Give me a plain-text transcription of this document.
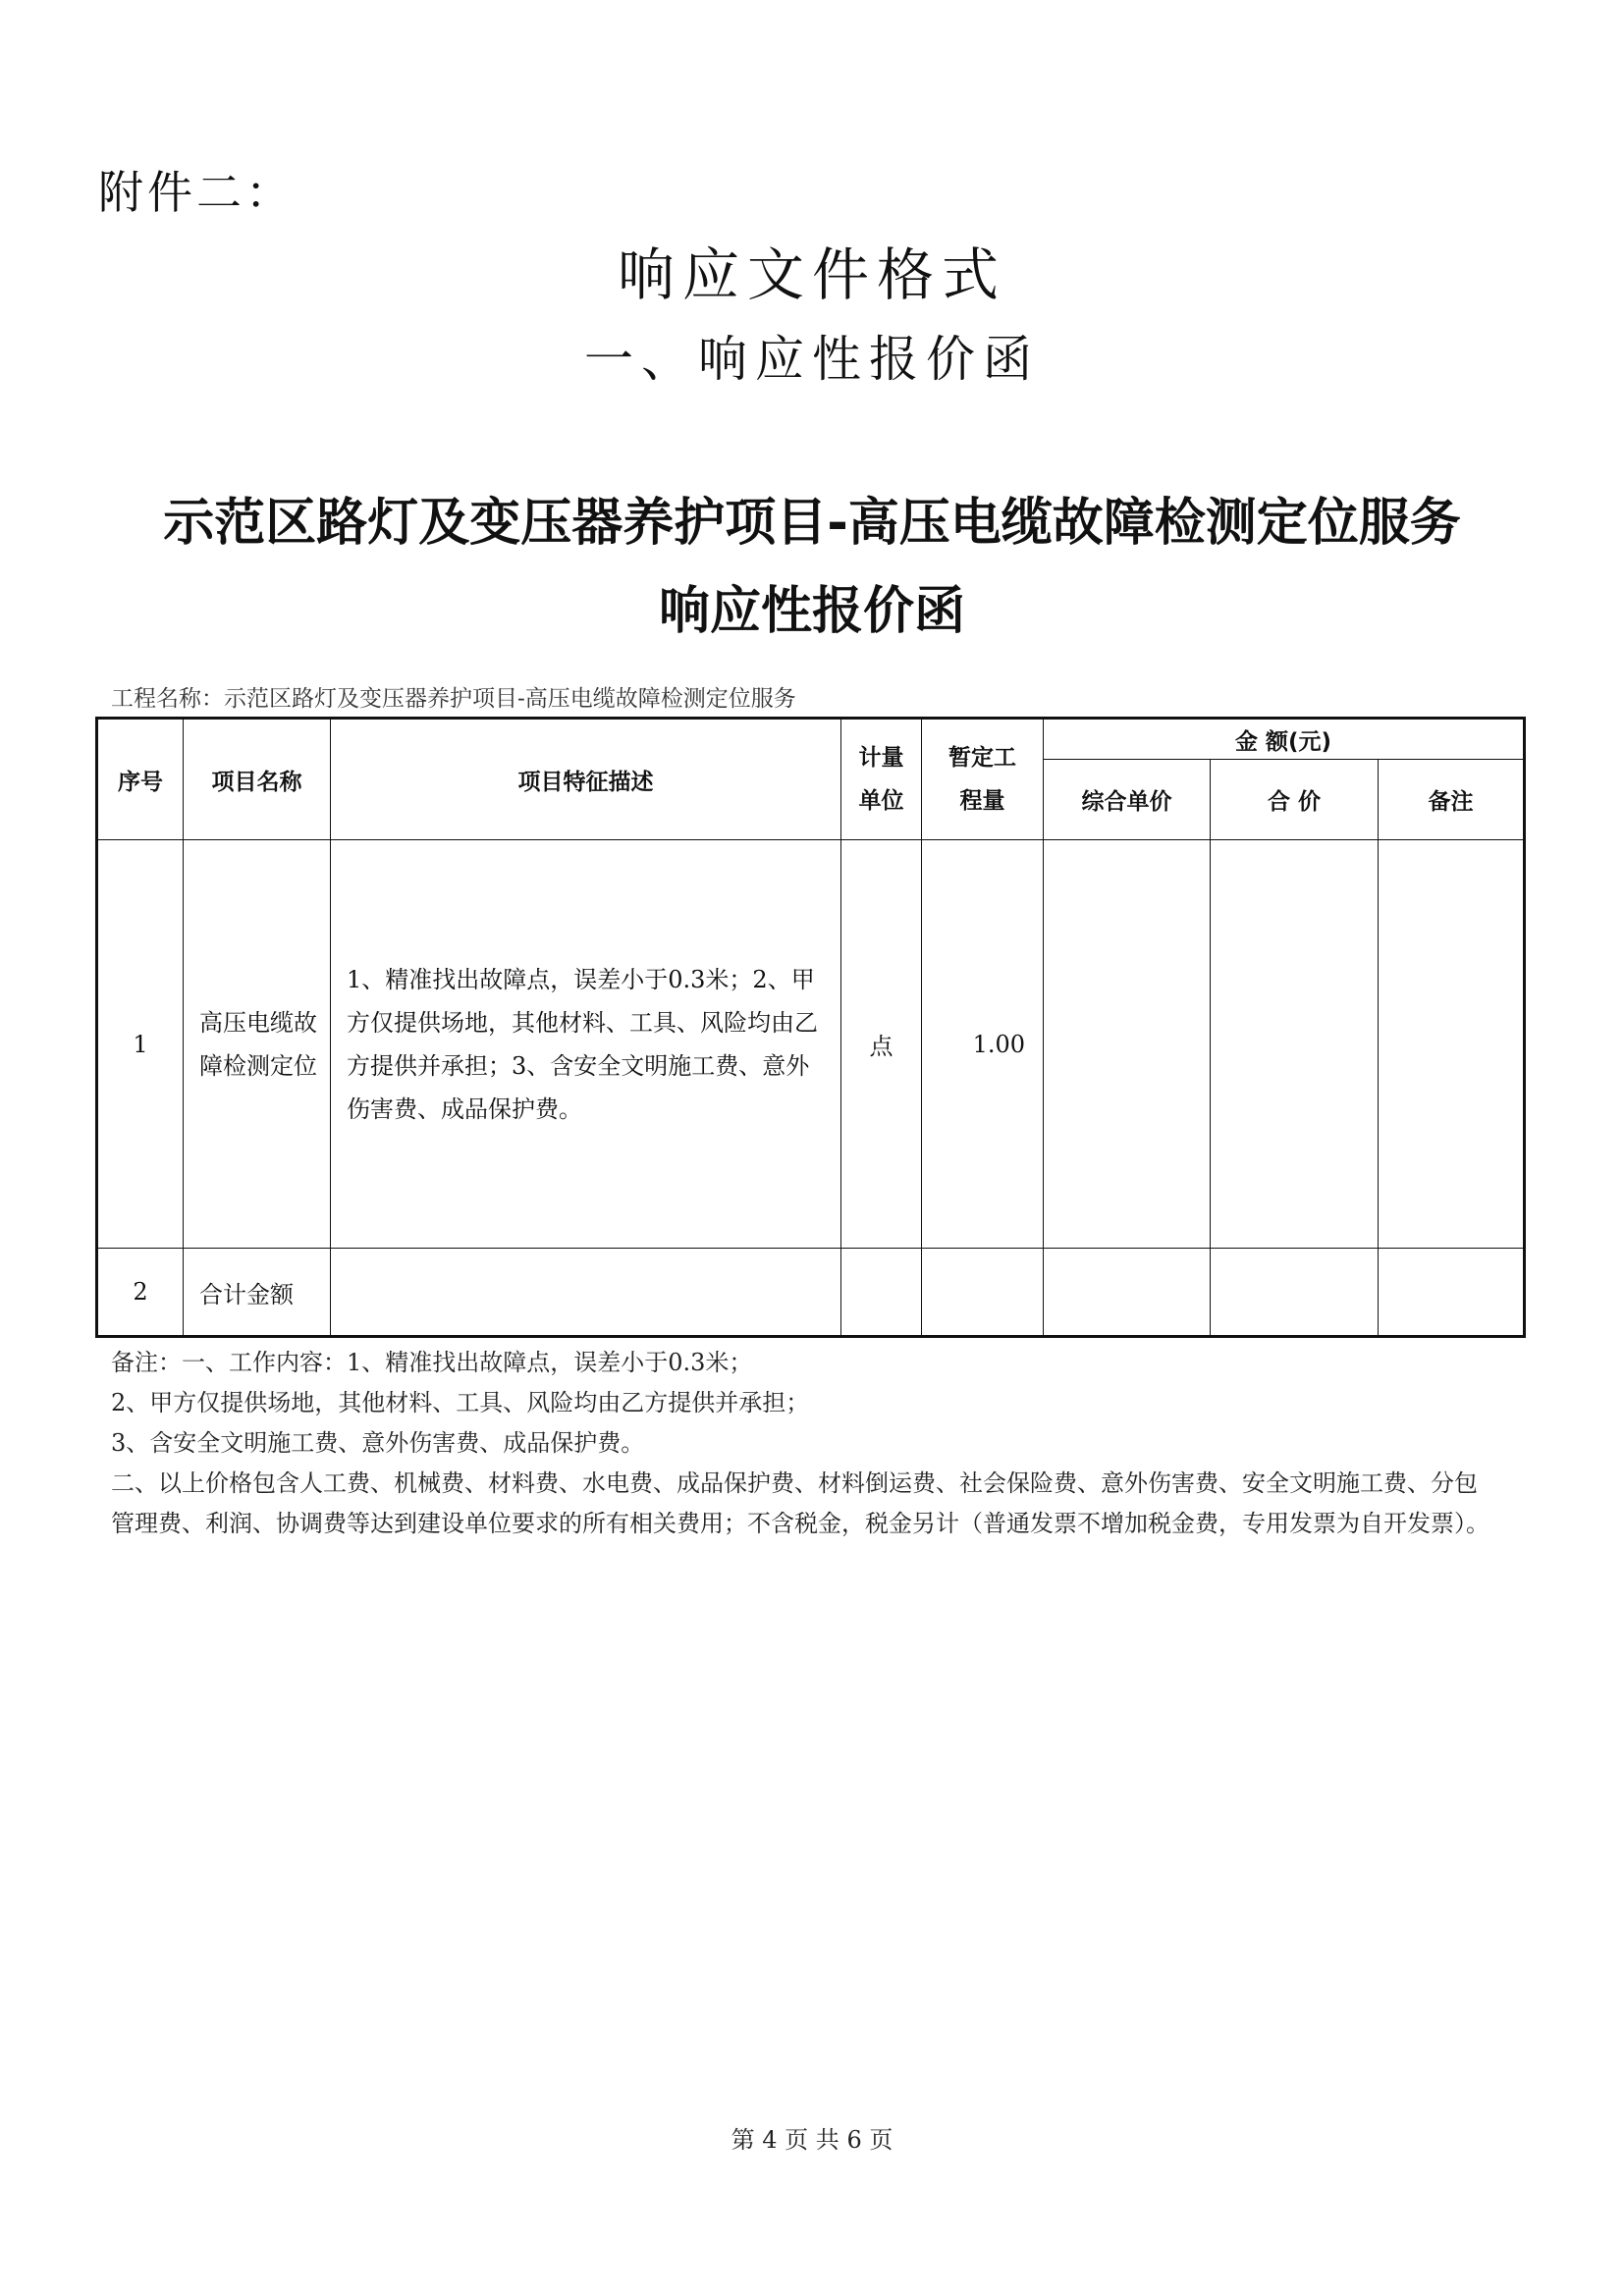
附件二：
响应文件格式
一、响应性报价函
示范区路灯及变压器养护项目-高压电缆故障检测定位服务
响应性报价函
工程名称：示范区路灯及变压器养护项目-高压电缆故障检测定位服务
序号	项目名称	项目特征描述	计量单位	暂定工程量	金 额(元)		
					综合单价	合 价	备注
1	高压电缆故障检测定位	1、精准找出故障点，误差小于0.3米；2、甲方仅提供场地，其他材料、工具、风险均由乙方提供并承担；3、含安全文明施工费、意外伤害费、成品保护费。	点	1.00			
2	合计金额						
备注：一、工作内容：1、精准找出故障点，误差小于0.3米；
2、甲方仅提供场地，其他材料、工具、风险均由乙方提供并承担；
3、含安全文明施工费、意外伤害费、成品保护费。
二、以上价格包含人工费、机械费、材料费、水电费、成品保护费、材料倒运费、社会保险费、意外伤害费、安全文明施工费、分包
管理费、利润、协调费等达到建设单位要求的所有相关费用；不含税金，税金另计（普通发票不增加税金费，专用发票为自开发票）。
第 4 页 共 6 页
